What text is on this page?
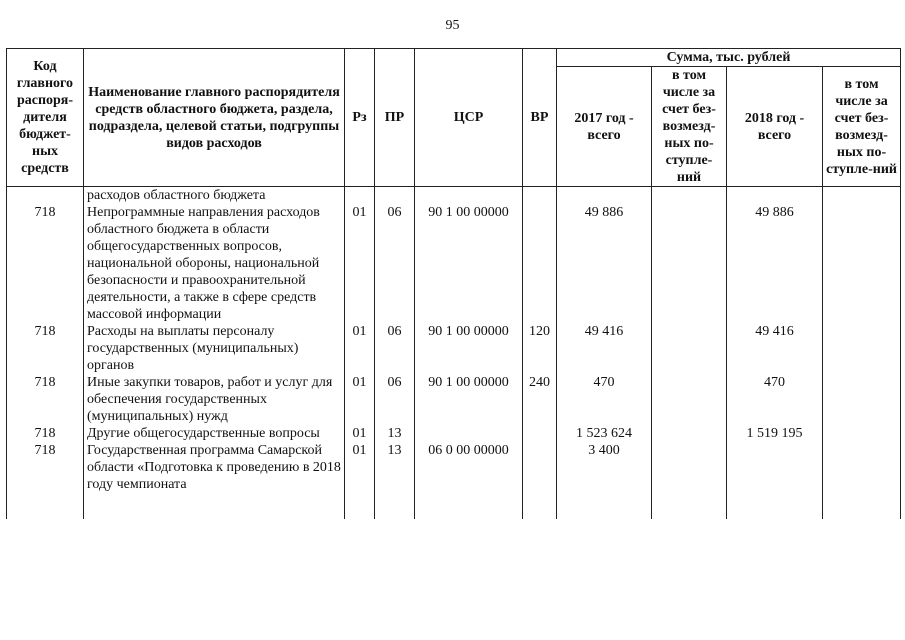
95
Код главного распоря-дителя бюджет-ных средств	Наименование главного распорядителя средств областного бюджета, раздела, подраздела, целевой статьи, подгруппы видов расходов	Рз	ПР	ЦСР	ВР	Сумма, тыс. рублей			
						2017 год - всего	в том числе за счет без-возмезд-ных по-ступле-ний	2018 год - всего	в том числе за счет без-возмезд-ных по-ступле-ний
	расходов областного бюджета								
718	Непрограммные направления расходов областного бюджета в области общегосударственных вопросов, национальной обороны, национальной безопасности и правоохранительной деятельности, а также в сфере средств массовой информации	01	06	90 1 00 00000		49 886		49 886	
718	Расходы на выплаты персоналу государственных (муниципальных) органов	01	06	90 1 00 00000	120	49 416		49 416	
718	Иные закупки товаров, работ и услуг для обеспечения государственных (муниципальных) нужд	01	06	90 1 00 00000	240	470		470	
718	Другие общегосударственные вопросы	01	13			1 523 624		1 519 195	
718	Государственная программа Самарской области «Подготовка к проведению в 2018 году чемпионата	01	13	06 0 00 00000		3 400			
